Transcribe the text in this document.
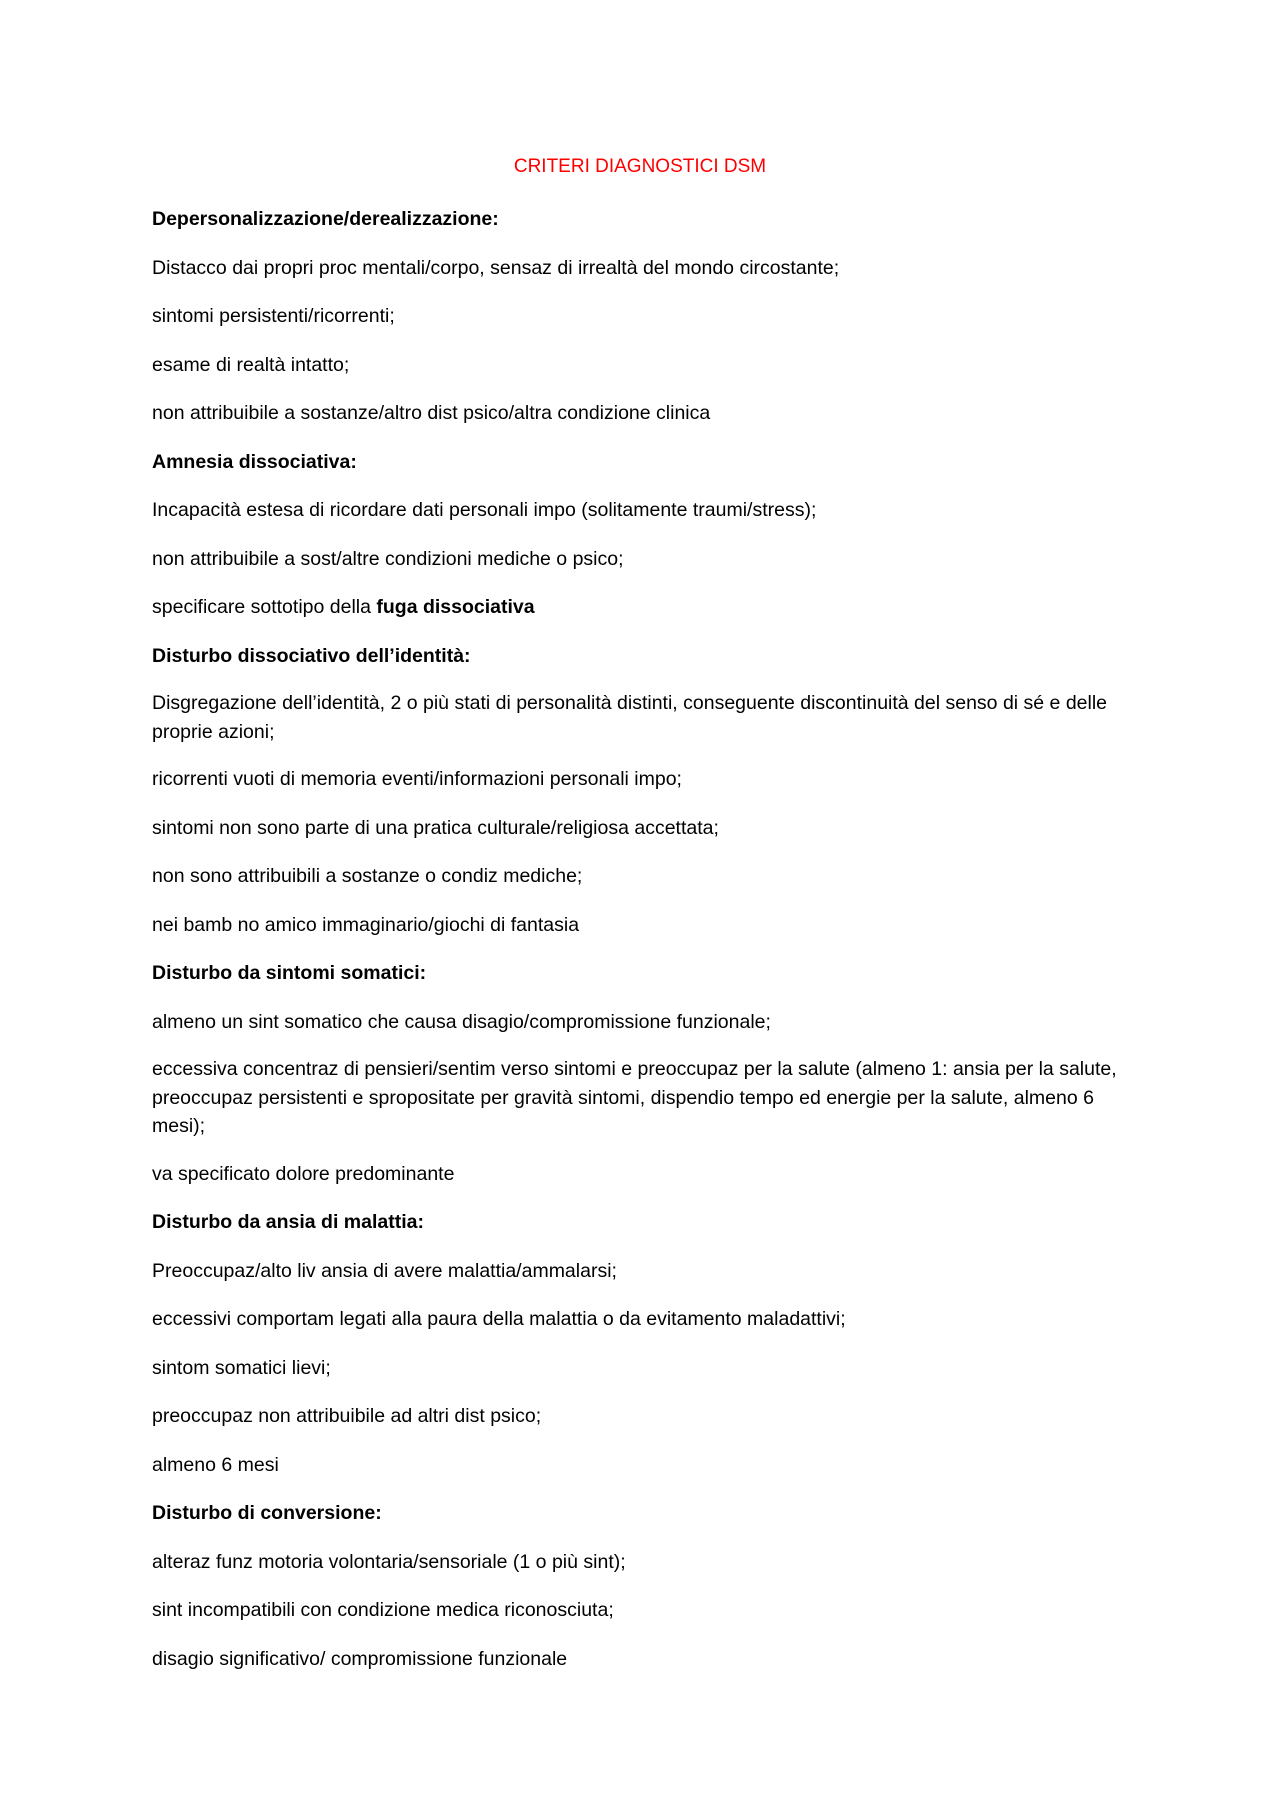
CRITERI DIAGNOSTICI DSM

Depersonalizzazione/derealizzazione:

Distacco dai propri proc mentali/corpo, sensaz di irrealtà del mondo circostante;

sintomi persistenti/ricorrenti;

esame di realtà intatto;

non attribuibile a sostanze/altro dist psico/altra condizione clinica

Amnesia dissociativa:

Incapacità estesa di ricordare dati personali impo (solitamente traumi/stress);

non attribuibile a sost/altre condizioni mediche o psico;

specificare sottotipo della fuga dissociativa

Disturbo dissociativo dell’identità:

Disgregazione dell’identità, 2 o più stati di personalità distinti, conseguente discontinuità del senso di sé e delle proprie azioni;

ricorrenti vuoti di memoria eventi/informazioni personali impo;

sintomi non sono parte di una pratica culturale/religiosa accettata;

non sono attribuibili a sostanze o condiz mediche;

nei bamb no amico immaginario/giochi di fantasia

Disturbo da sintomi somatici:

almeno un sint somatico che causa disagio/compromissione funzionale;

eccessiva concentraz di pensieri/sentim verso sintomi e preoccupaz per la salute (almeno 1: ansia per la salute, preoccupaz persistenti e spropositate per gravità sintomi, dispendio tempo ed energie per la salute, almeno 6 mesi);

va specificato dolore predominante

Disturbo da ansia di malattia:

Preoccupaz/alto liv ansia di avere malattia/ammalarsi;

eccessivi comportam legati alla paura della malattia o da evitamento maladattivi;

sintom somatici lievi;

preoccupaz non attribuibile ad altri dist psico;

almeno 6 mesi

Disturbo di conversione:

alteraz funz motoria volontaria/sensoriale (1 o più sint);

sint incompatibili con condizione medica riconosciuta;

disagio significativo/ compromissione funzionale
